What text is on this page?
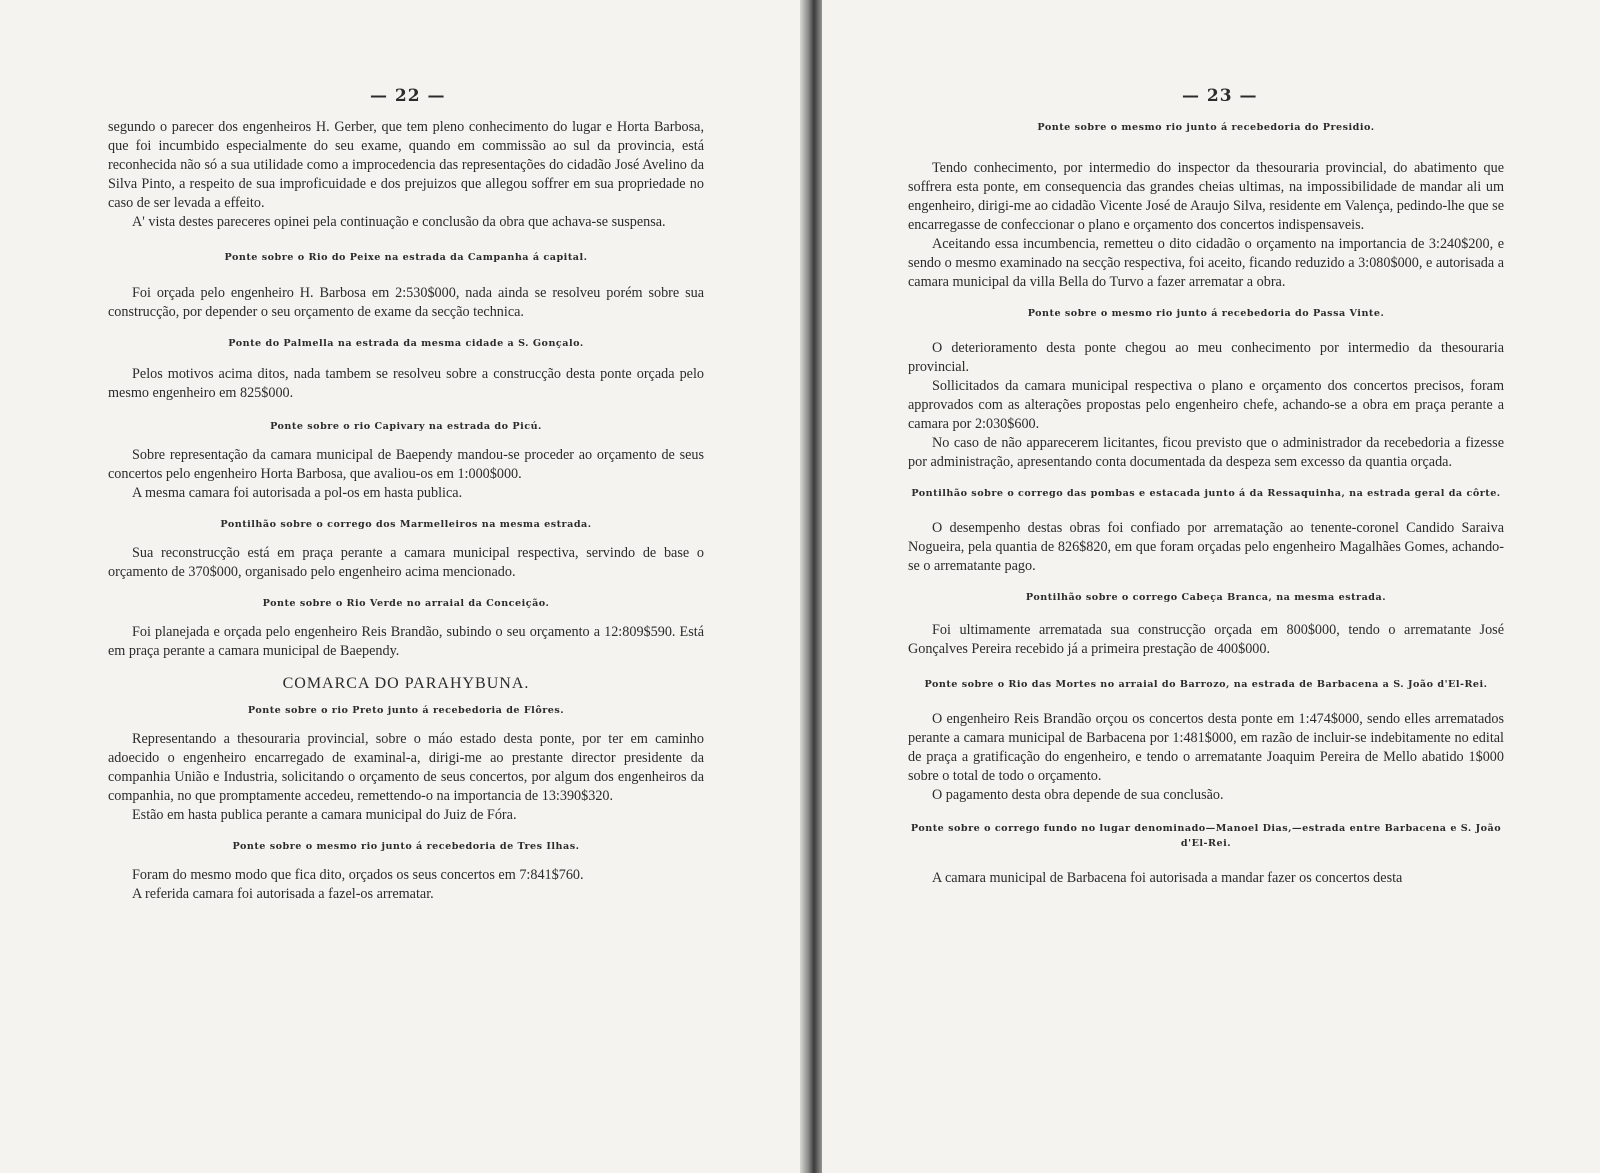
— 22 —

segundo o parecer dos engenheiros H. Gerber, que tem pleno conhecimento do lugar e Horta Barbosa, que foi incumbido especialmente do seu exame, quando em commissão ao sul da provincia, está reconhecida não só a sua utilidade como a improcedencia das representações do cidadão José Avelino da Silva Pinto, a respeito de sua improficuidade e dos prejuizos que allegou soffrer em sua propriedade no caso de ser levada a effeito.

A' vista destes pareceres opinei pela continuação e conclusão da obra que achava-se suspensa.

Ponte sobre o Rio do Peixe na estrada da Campanha á capital.

Foi orçada pelo engenheiro H. Barbosa em 2:530$000, nada ainda se resolveu porém sobre sua construcção, por depender o seu orçamento de exame da secção technica.

Ponte do Palmella na estrada da mesma cidade a S. Gonçalo.

Pelos motivos acima ditos, nada tambem se resolveu sobre a construcção desta ponte orçada pelo mesmo engenheiro em 825$000.

Ponte sobre o rio Capivary na estrada do Picú.

Sobre representação da camara municipal de Baependy mandou-se proceder ao orçamento de seus concertos pelo engenheiro Horta Barbosa, que avaliou-os em 1:000$000.

A mesma camara foi autorisada a pol-os em hasta publica.

Pontilhão sobre o corrego dos Marmelleiros na mesma estrada.

Sua reconstrucção está em praça perante a camara municipal respectiva, servindo de base o orçamento de 370$000, organisado pelo engenheiro acima mencionado.

Ponte sobre o Rio Verde no arraial da Conceição.

Foi planejada e orçada pelo engenheiro Reis Brandão, subindo o seu orçamento a 12:809$590. Está em praça perante a camara municipal de Baependy.

COMARCA DO PARAHYBUNA.
Ponte sobre o rio Preto junto á recebedoria de Flôres.

Representando a thesouraria provincial, sobre o máo estado desta ponte, por ter em caminho adoecido o engenheiro encarregado de examinal-a, dirigi-me ao prestante director presidente da companhia União e Industria, solicitando o orçamento de seus concertos, por algum dos engenheiros da companhia, no que promptamente accedeu, remettendo-o na importancia de 13:390$320.

Estão em hasta publica perante a camara municipal do Juiz de Fóra.

Ponte sobre o mesmo rio junto á recebedoria de Tres Ilhas.

Foram do mesmo modo que fica dito, orçados os seus concertos em 7:841$760.

A referida camara foi autorisada a fazel-os arrematar.

— 23 —
Ponte sobre o mesmo rio junto á recebedoria do Presidio.

Tendo conhecimento, por intermedio do inspector da thesouraria provincial, do abatimento que soffrera esta ponte, em consequencia das grandes cheias ultimas, na impossibilidade de mandar ali um engenheiro, dirigi-me ao cidadão Vicente José de Araujo Silva, residente em Valença, pedindo-lhe que se encarregasse de confeccionar o plano e orçamento dos concertos indispensaveis.

Aceitando essa incumbencia, remetteu o dito cidadão o orçamento na importancia de 3:240$200, e sendo o mesmo examinado na secção respectiva, foi aceito, ficando reduzido a 3:080$000, e autorisada a camara municipal da villa Bella do Turvo a fazer arrematar a obra.

Ponte sobre o mesmo rio junto á recebedoria do Passa Vinte.

O deterioramento desta ponte chegou ao meu conhecimento por intermedio da thesouraria provincial.

Sollicitados da camara municipal respectiva o plano e orçamento dos concertos precisos, foram approvados com as alterações propostas pelo engenheiro chefe, achando-se a obra em praça perante a camara por 2:030$600.

No caso de não apparecerem licitantes, ficou previsto que o administrador da recebedoria a fizesse por administração, apresentando conta documentada da despeza sem excesso da quantia orçada.

Pontilhão sobre o corrego das pombas e estacada junto á da Ressaquinha, na estrada geral da côrte.

O desempenho destas obras foi confiado por arrematação ao tenente-coronel Candido Saraiva Nogueira, pela quantia de 826$820, em que foram orçadas pelo engenheiro Magalhães Gomes, achando-se o arrematante pago.

Pontilhão sobre o corrego Cabeça Branca, na mesma estrada.

Foi ultimamente arrematada sua construcção orçada em 800$000, tendo o arrematante José Gonçalves Pereira recebido já a primeira prestação de 400$000.

Ponte sobre o Rio das Mortes no arraial do Barrozo, na estrada de Barbacena a S. João d'El-Rei.

O engenheiro Reis Brandão orçou os concertos desta ponte em 1:474$000, sendo elles arrematados perante a camara municipal de Barbacena por 1:481$000, em razão de incluir-se indebitamente no edital de praça a gratificação do engenheiro, e tendo o arrematante Joaquim Pereira de Mello abatido 1$000 sobre o total de todo o orçamento.

O pagamento desta obra depende de sua conclusão.

Ponte sobre o corrego fundo no lugar denominado—Manoel Dias,—estrada entre Barbacena e S. João d'El-Rei.

A camara municipal de Barbacena foi autorisada a mandar fazer os concertos desta
